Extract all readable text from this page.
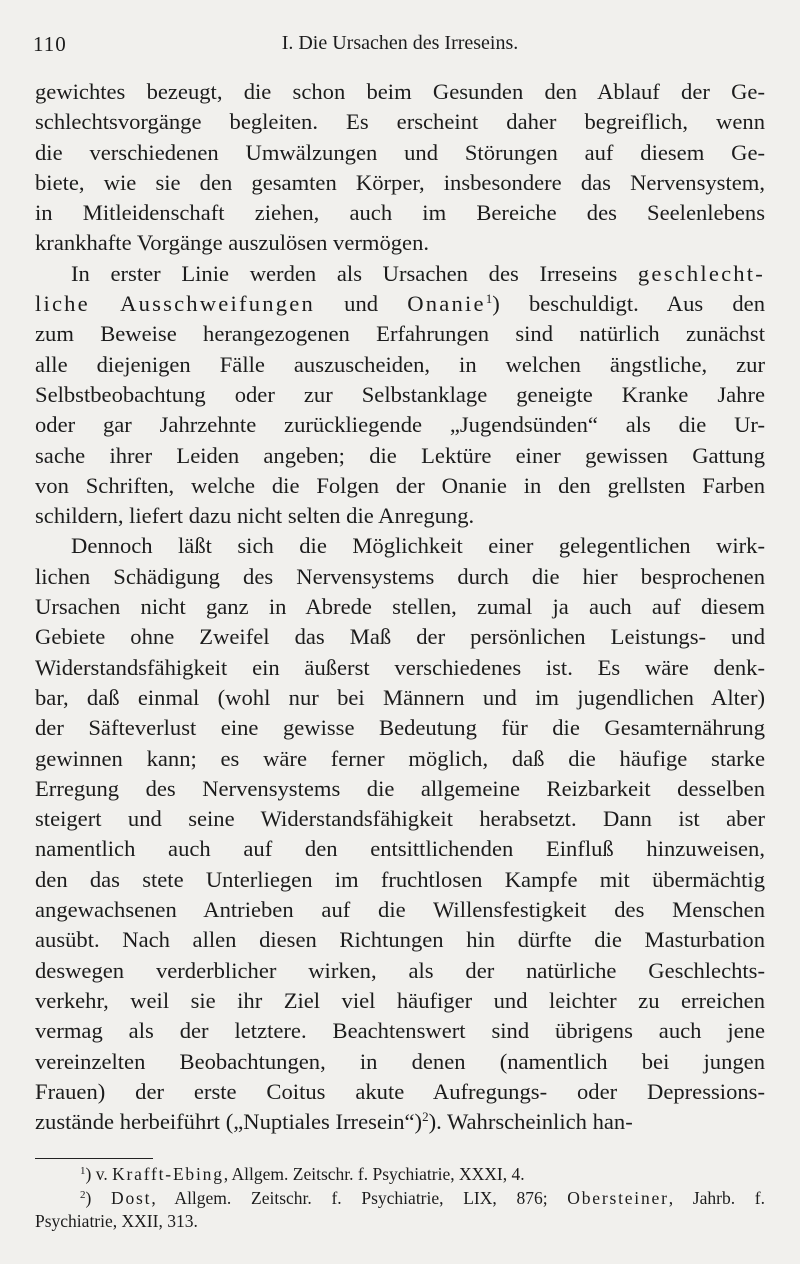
110	I. Die Ursachen des Irreseins.
gewichtes bezeugt, die schon beim Gesunden den Ablauf der Ge-
schlechtsvorgänge begleiten. Es erscheint daher begreiflich, wenn
die verschiedenen Umwälzungen und Störungen auf diesem Ge-
biete, wie sie den gesamten Körper, insbesondere das Nervensystem,
in Mitleidenschaft ziehen, auch im Bereiche des Seelenlebens
krankhafte Vorgänge auszulösen vermögen.
In erster Linie werden als Ursachen des Irreseins geschlecht-
liche Ausschweifungen und Onanie$^1$) beschuldigt. Aus den
zum Beweise herangezogenen Erfahrungen sind natürlich zunächst
alle diejenigen Fälle auszuscheiden, in welchen ängstliche, zur
Selbstbeobachtung oder zur Selbstanklage geneigte Kranke Jahre
oder gar Jahrzehnte zurückliegende „Jugendsünden“ als die Ur-
sache ihrer Leiden angeben; die Lektüre einer gewissen Gattung
von Schriften, welche die Folgen der Onanie in den grellsten Farben
schildern, liefert dazu nicht selten die Anregung.
Dennoch läßt sich die Möglichkeit einer gelegentlichen wirk-
lichen Schädigung des Nervensystems durch die hier besprochenen
Ursachen nicht ganz in Abrede stellen, zumal ja auch auf diesem
Gebiete ohne Zweifel das Maß der persönlichen Leistungs- und
Widerstandsfähigkeit ein äußerst verschiedenes ist. Es wäre denk-
bar, daß einmal (wohl nur bei Männern und im jugendlichen Alter)
der Säfteverlust eine gewisse Bedeutung für die Gesamternährung
gewinnen kann; es wäre ferner möglich, daß die häufige starke
Erregung des Nervensystems die allgemeine Reizbarkeit desselben
steigert und seine Widerstandsfähigkeit herabsetzt. Dann ist aber
namentlich auch auf den entsittlichenden Einfluß hinzuweisen,
den das stete Unterliegen im fruchtlosen Kampfe mit übermächtig
angewachsenen Antrieben auf die Willensfestigkeit des Menschen
ausübt. Nach allen diesen Richtungen hin dürfte die Masturbation
deswegen verderblicher wirken, als der natürliche Geschlechts-
verkehr, weil sie ihr Ziel viel häufiger und leichter zu erreichen
vermag als der letztere. Beachtenswert sind übrigens auch jene
vereinzelten Beobachtungen, in denen (namentlich bei jungen
Frauen) der erste Coitus akute Aufregungs- oder Depressions-
zustände herbeiführt („Nuptiales Irresein“)$^2$). Wahrscheinlich han-
$^1$) v. Krafft-Ebing, Allgem. Zeitschr. f. Psychiatrie, XXXI, 4.
$^2$) Dost, Allgem. Zeitschr. f. Psychiatrie, LIX, 876; Obersteiner, Jahrb. f.
Psychiatrie, XXII, 313.
